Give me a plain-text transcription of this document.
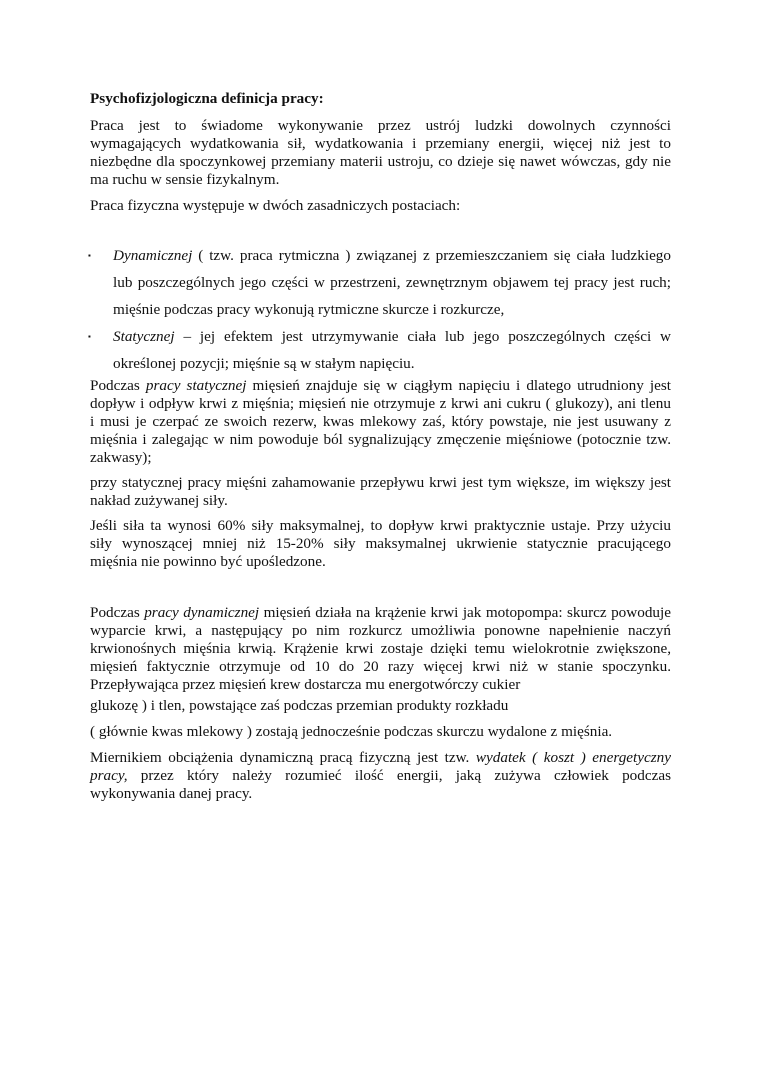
Psychofizjologiczna definicja pracy:
Praca jest to świadome wykonywanie przez ustrój ludzki dowolnych czynności
wymagających wydatkowania sił, wydatkowania i przemiany energii, więcej niż jest to
niezbędne dla spoczynkowej przemiany materii ustroju, co dzieje się nawet wówczas, gdy nie
ma ruchu w sensie fizykalnym.
Praca fizyczna występuje w dwóch zasadniczych postaciach:
▪ Dynamicznej ( tzw. praca rytmiczna ) związanej z przemieszczaniem się ciała ludzkiego
lub poszczególnych jego części w przestrzeni, zewnętrznym objawem tej pracy jest ruch;
mięśnie podczas pracy wykonują rytmiczne skurcze i rozkurcze,
▪ Statycznej – jej efektem jest utrzymywanie ciała lub jego poszczególnych części w
określonej pozycji; mięśnie są w stałym napięciu.
Podczas pracy statycznej mięsień znajduje się w ciągłym napięciu i dlatego utrudniony jest
dopływ i odpływ krwi z mięśnia; mięsień nie otrzymuje z krwi ani cukru ( glukozy), ani tlenu
i musi je czerpać ze swoich rezerw, kwas mlekowy zaś, który powstaje, nie jest usuwany z
mięśnia i zalegając w nim powoduje ból sygnalizujący zmęczenie mięśniowe (potocznie tzw.
zakwasy);
przy statycznej pracy mięśni zahamowanie przepływu krwi jest tym większe, im większy jest
nakład zużywanej siły.
Jeśli siła ta wynosi 60% siły maksymalnej, to dopływ krwi praktycznie ustaje. Przy użyciu
siły wynoszącej mniej niż 15-20% siły maksymalnej ukrwienie statycznie pracującego
mięśnia nie powinno być upośledzone.
Podczas pracy dynamicznej mięsień działa na krążenie krwi jak motopompa: skurcz powoduje
wyparcie krwi, a następujący po nim rozkurcz umożliwia ponowne napełnienie naczyń
krwionośnych mięśnia krwią. Krążenie krwi zostaje dzięki temu wielokrotnie zwiększone,
mięsień faktycznie otrzymuje od 10 do 20 razy więcej krwi niż w stanie spoczynku.
Przepływająca przez mięsień krew dostarcza mu energotwórczy cukier
glukozę ) i tlen, powstające zaś podczas przemian produkty rozkładu
( głównie kwas mlekowy ) zostają jednocześnie podczas skurczu wydalone z mięśnia.
Miernikiem obciążenia dynamiczną pracą fizyczną jest tzw. wydatek ( koszt ) energetyczny
pracy, przez który należy rozumieć ilość energii, jaką zużywa człowiek podczas
wykonywania danej pracy.
